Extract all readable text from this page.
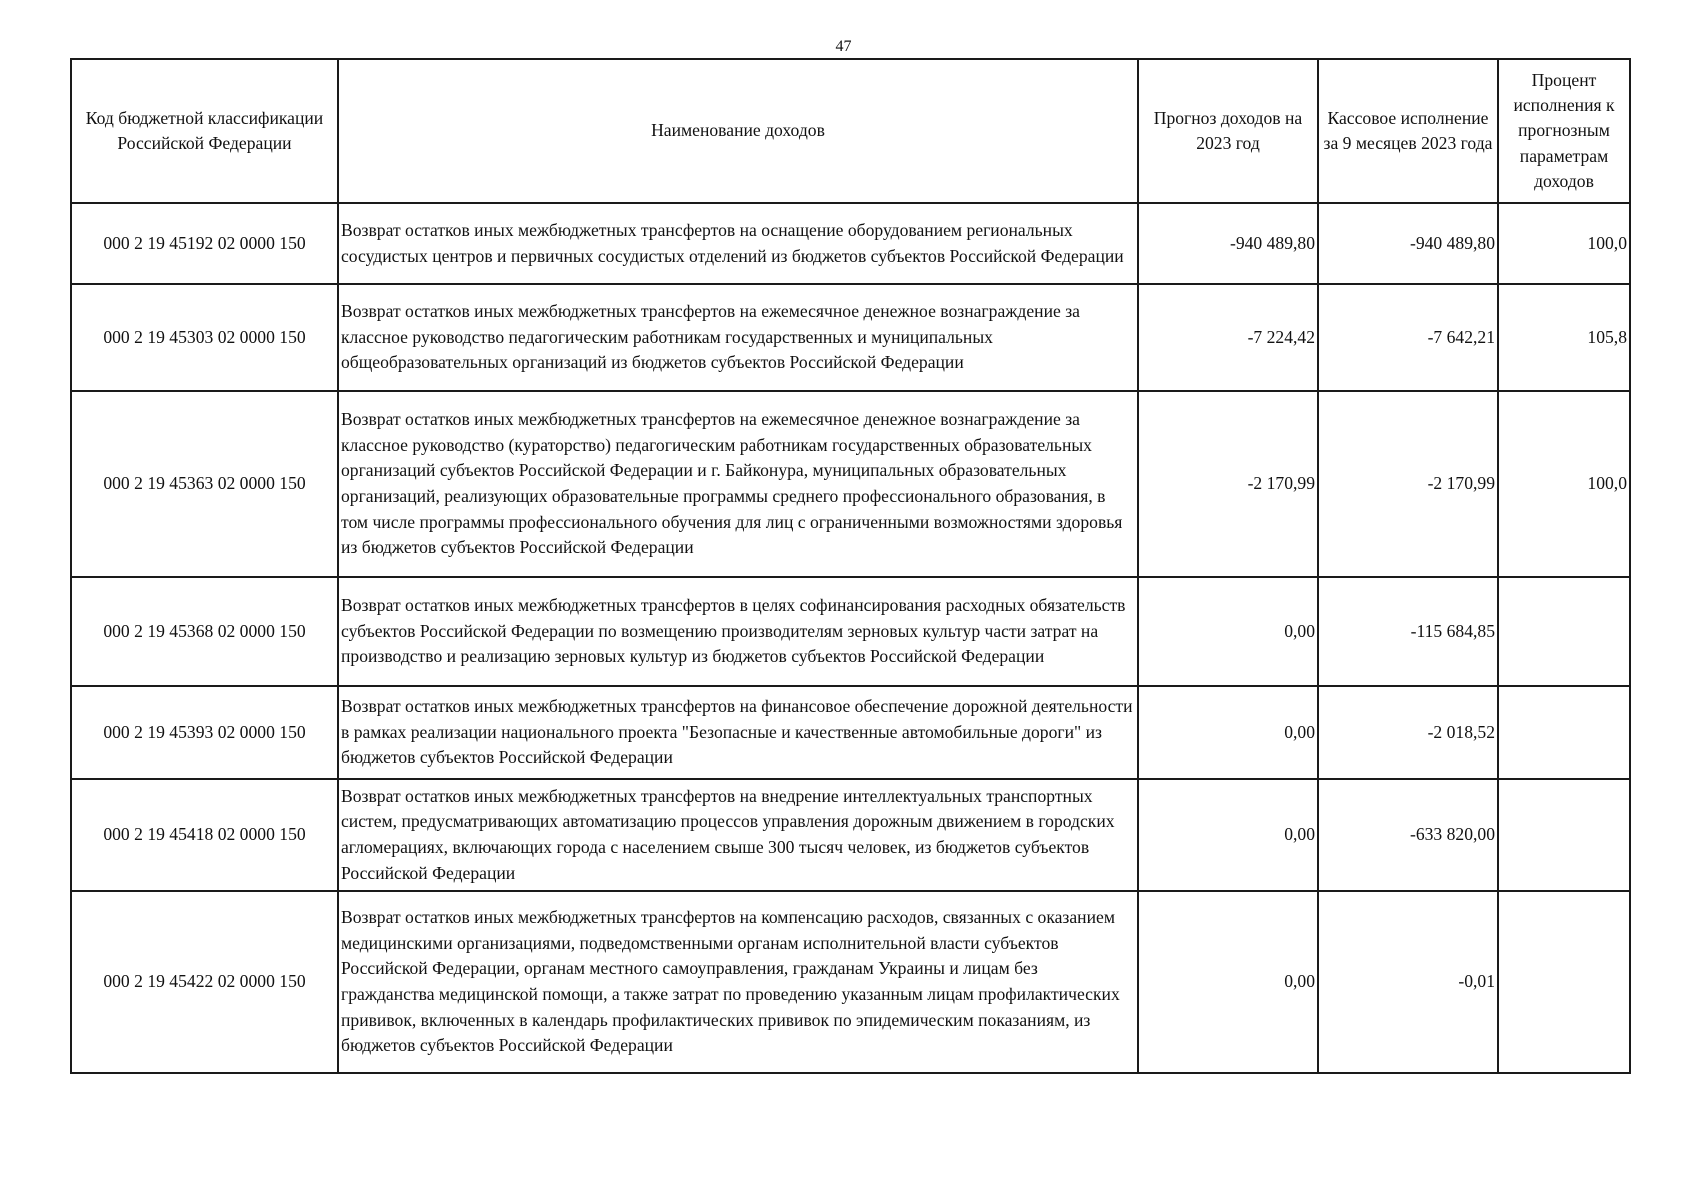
47
Код бюджетной классификации Российской Федерации	Наименование доходов	Прогноз доходов на 2023 год	Кассовое исполнение за 9 месяцев 2023 года	Процент исполнения к прогнозным параметрам доходов
000 2 19 45192 02 0000 150	Возврат остатков иных межбюджетных трансфертов на оснащение оборудованием региональных сосудистых центров и первичных сосудистых отделений из бюджетов субъектов Российской Федерации	-940 489,80	-940 489,80	100,0
000 2 19 45303 02 0000 150	Возврат остатков иных межбюджетных трансфертов на ежемесячное денежное вознаграждение за классное руководство педагогическим работникам государственных и муниципальных общеобразовательных организаций из бюджетов субъектов Российской Федерации	-7 224,42	-7 642,21	105,8
000 2 19 45363 02 0000 150	Возврат остатков иных межбюджетных трансфертов на ежемесячное денежное вознаграждение за классное руководство (кураторство) педагогическим работникам государственных образовательных организаций субъектов Российской Федерации и г. Байконура, муниципальных образовательных организаций, реализующих образовательные программы среднего профессионального образования, в том числе программы профессионального обучения для лиц с ограниченными возможностями здоровья из бюджетов субъектов Российской Федерации	-2 170,99	-2 170,99	100,0
000 2 19 45368 02 0000 150	Возврат остатков иных межбюджетных трансфертов в целях софинансирования расходных обязательств субъектов Российской Федерации по возмещению производителям зерновых культур части затрат на производство и реализацию зерновых культур из бюджетов субъектов Российской Федерации	0,00	-115 684,85	
000 2 19 45393 02 0000 150	Возврат остатков иных межбюджетных трансфертов на финансовое обеспечение дорожной деятельности в рамках реализации национального проекта "Безопасные и качественные автомобильные дороги" из бюджетов субъектов Российской Федерации	0,00	-2 018,52	
000 2 19 45418 02 0000 150	Возврат остатков иных межбюджетных трансфертов на внедрение интеллектуальных транспортных систем, предусматривающих автоматизацию процессов управления дорожным движением в городских агломерациях, включающих города с населением свыше 300 тысяч человек, из бюджетов субъектов Российской Федерации	0,00	-633 820,00	
000 2 19 45422 02 0000 150	Возврат остатков иных межбюджетных трансфертов на компенсацию расходов, связанных с оказанием медицинскими организациями, подведомственными органам исполнительной власти субъектов Российской Федерации, органам местного самоуправления, гражданам Украины и лицам без гражданства медицинской помощи, а также затрат по проведению указанным лицам профилактических прививок, включенных в календарь профилактических прививок по эпидемическим показаниям, из бюджетов субъектов Российской Федерации	0,00	-0,01	
